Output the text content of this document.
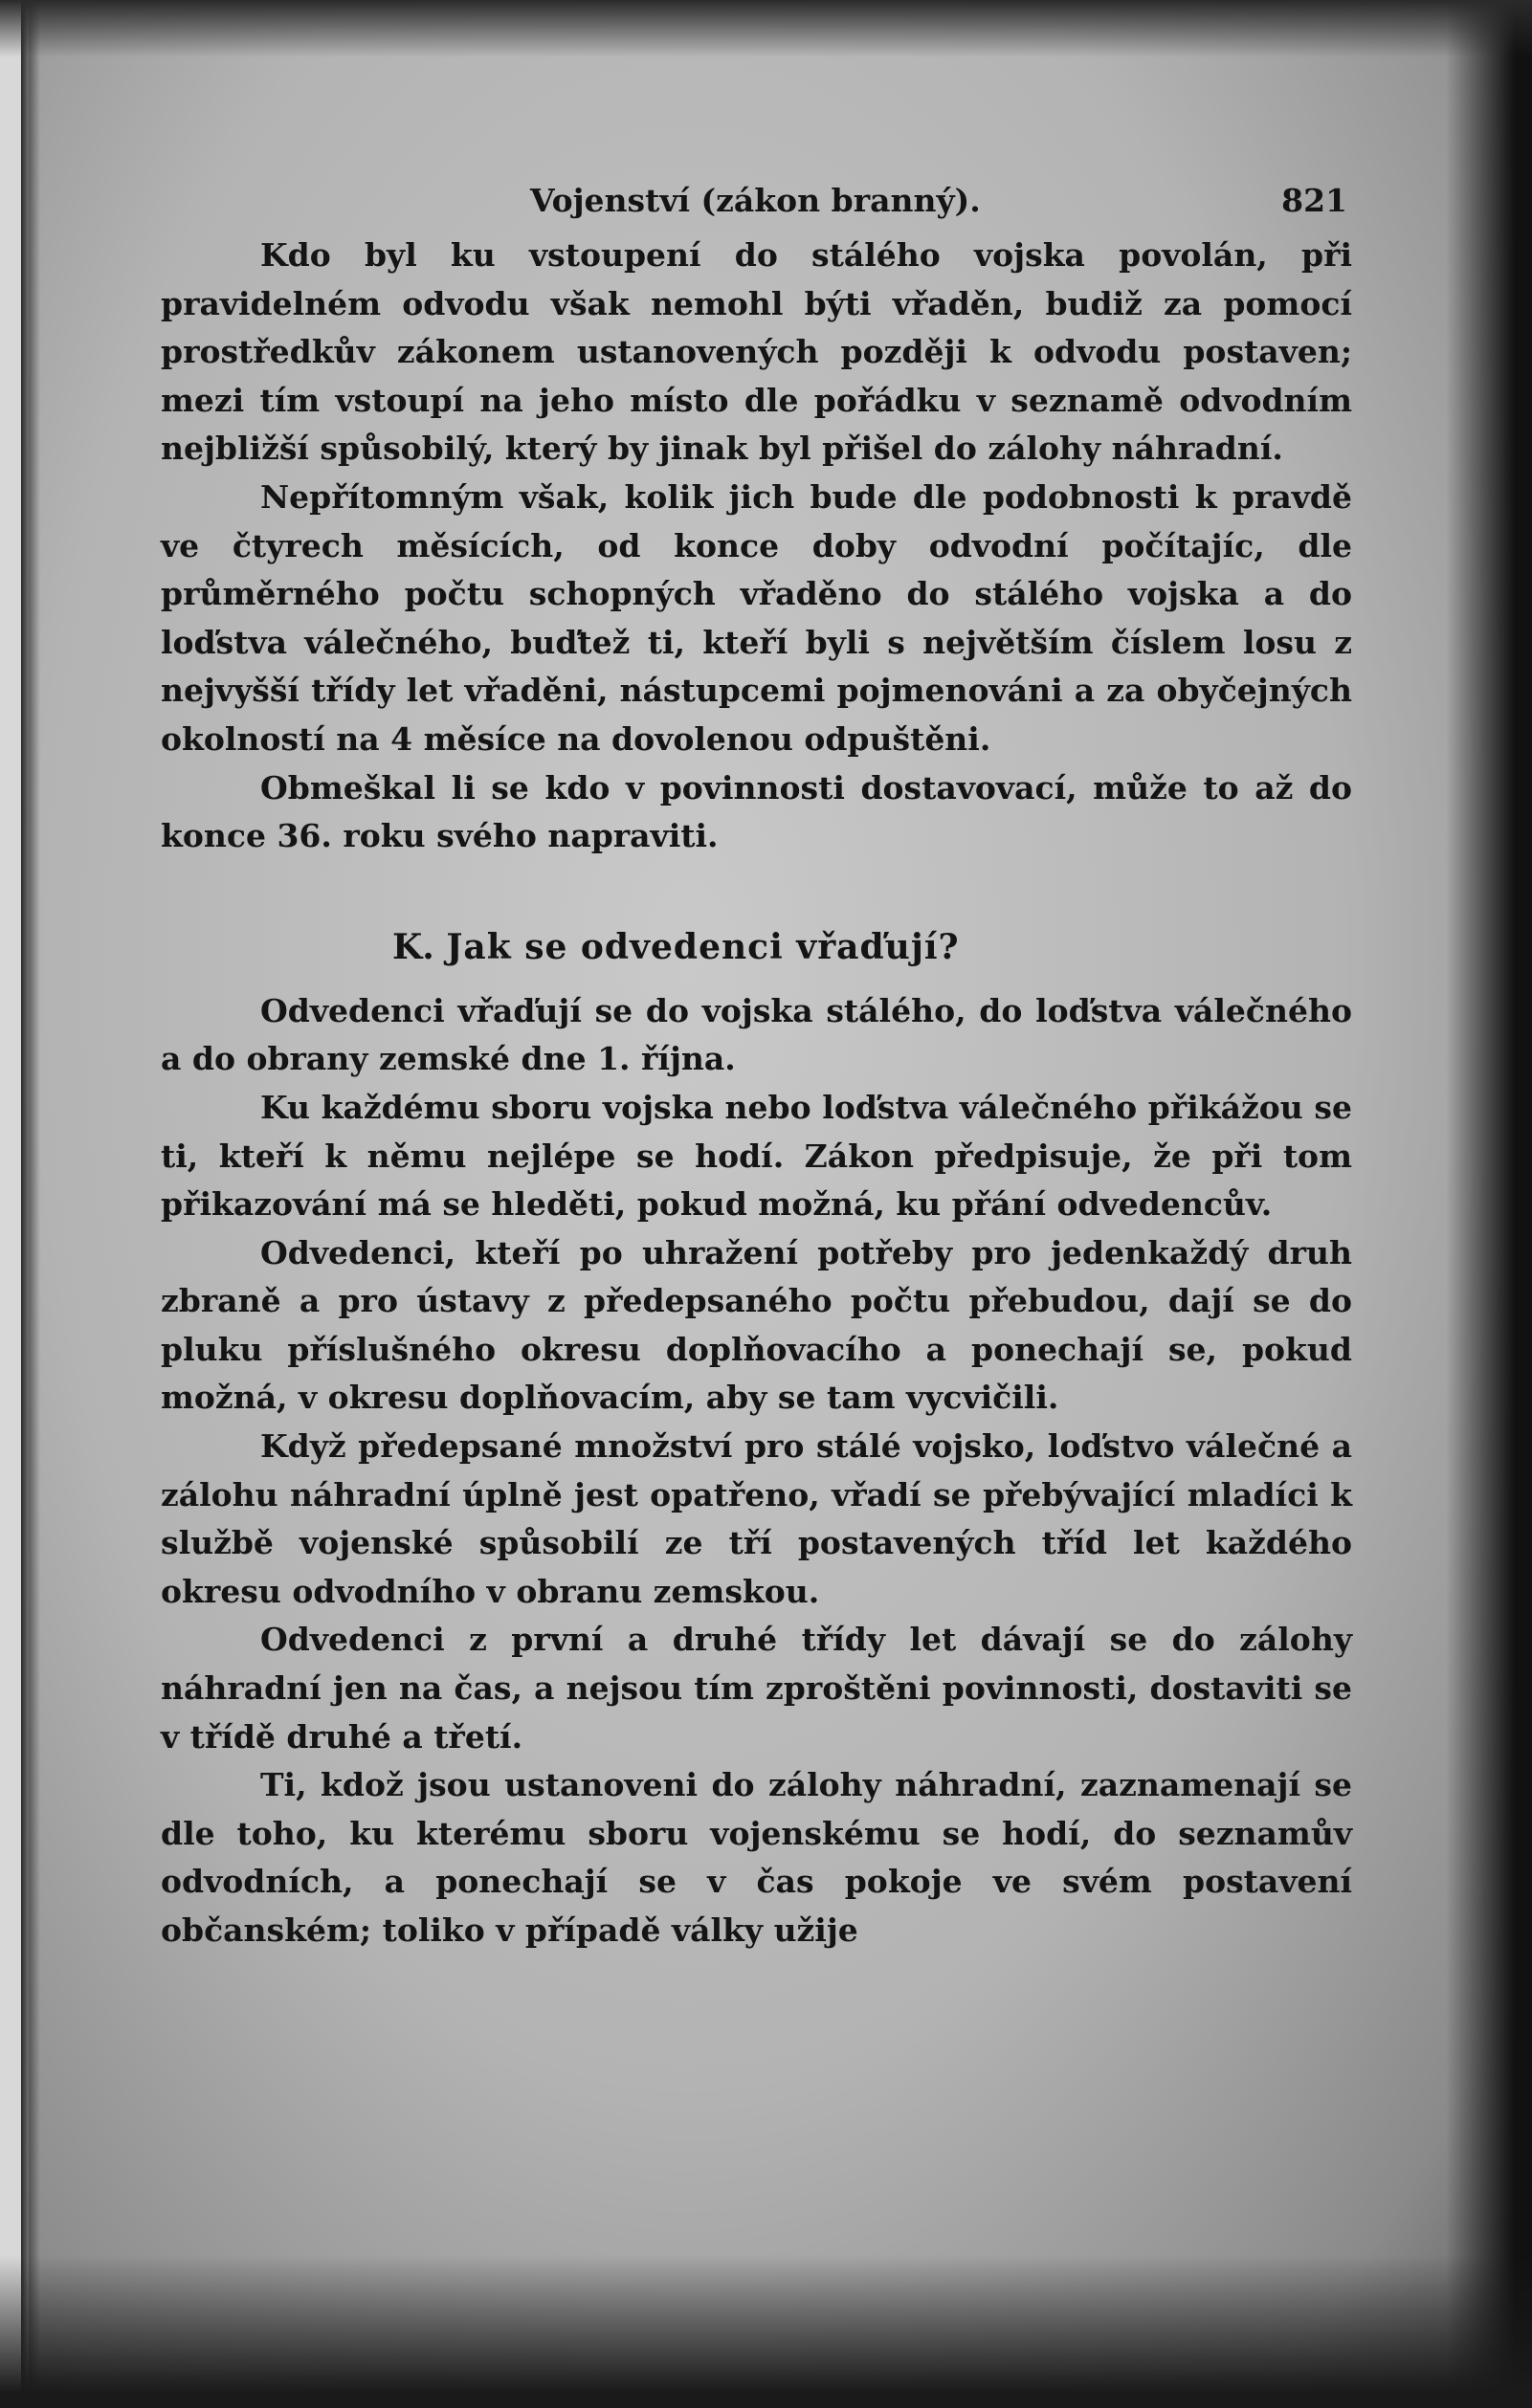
Vojenství (zákon branný).	821

Kdo byl ku vstoupení do stálého vojska povolán, při pravidelném odvodu však nemohl býti vřaděn, budiž za pomocí prostředkův zákonem ustanovených později k odvodu postaven; mezi tím vstoupí na jeho místo dle pořádku v seznamě odvodním nejbližší spůsobilý, který by jinak byl přišel do zálohy náhradní.

Nepřítomným však, kolik jich bude dle podobnosti k pravdě ve čtyrech měsících, od konce doby odvodní počítajíc, dle průměrného počtu schopných vřaděno do stálého vojska a do loďstva válečného, buďtež ti, kteří byli s největším číslem losu z nejvyšší třídy let vřaděni, nástupcemi pojmenováni a za obyčejných okolností na 4 měsíce na dovolenou odpuštěni.

Obmeškal li se kdo v povinnosti dostavovací, může to až do konce 36. roku svého napraviti.

K. Jak se odvedenci vřaďují?

Odvedenci vřaďují se do vojska stálého, do loďstva válečného a do obrany zemské dne 1. října.

Ku každému sboru vojska nebo loďstva válečného přikážou se ti, kteří k němu nejlépe se hodí. Zákon předpisuje, že při tom přikazování má se hleděti, pokud možná, ku přání odvedencův.

Odvedenci, kteří po uhražení potřeby pro jedenkaždý druh zbraně a pro ústavy z předepsaného počtu přebudou, dají se do pluku příslušného okresu doplňovacího a ponechají se, pokud možná, v okresu doplňovacím, aby se tam vycvičili.

Když předepsané množství pro stálé vojsko, loďstvo válečné a zálohu náhradní úplně jest opatřeno, vřadí se přebývající mladíci k službě vojenské spůsobilí ze tří postavených tříd let každého okresu odvodního v obranu zemskou.

Odvedenci z první a druhé třídy let dávají se do zálohy náhradní jen na čas, a nejsou tím zproštěni povinnosti, dostaviti se v třídě druhé a třetí.

Ti, kdož jsou ustanoveni do zálohy náhradní, zaznamenají se dle toho, ku kterému sboru vojenskému se hodí, do seznamův odvodních, a ponechají se v čas pokoje ve svém postavení občanském; toliko v případě války užije
